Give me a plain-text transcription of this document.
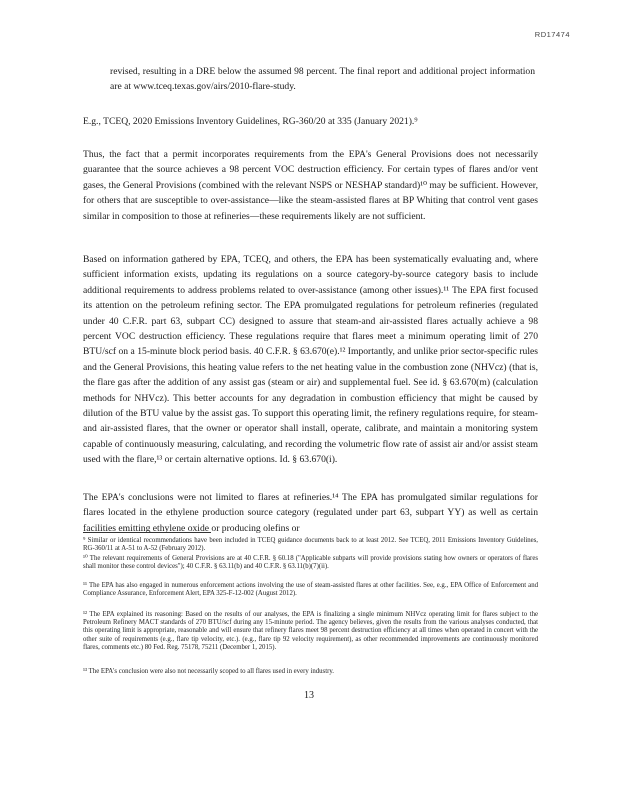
RD17474
revised, resulting in a DRE below the assumed 98 percent. The final report and additional project information are at www.tceq.texas.gov/airs/2010-flare-study.
E.g., TCEQ, 2020 Emissions Inventory Guidelines, RG-360/20 at 335 (January 2021).⁹
Thus, the fact that a permit incorporates requirements from the EPA's General Provisions does not necessarily guarantee that the source achieves a 98 percent VOC destruction efficiency. For certain types of flares and/or vent gases, the General Provisions (combined with the relevant NSPS or NESHAP standard)¹⁰ may be sufficient. However, for others that are susceptible to over-assistance—like the steam-assisted flares at BP Whiting that control vent gases similar in composition to those at refineries—these requirements likely are not sufficient.
Based on information gathered by EPA, TCEQ, and others, the EPA has been systematically evaluating and, where sufficient information exists, updating its regulations on a source category-by-source category basis to include additional requirements to address problems related to over-assistance (among other issues).¹¹ The EPA first focused its attention on the petroleum refining sector. The EPA promulgated regulations for petroleum refineries (regulated under 40 C.F.R. part 63, subpart CC) designed to assure that steam-and air-assisted flares actually achieve a 98 percent VOC destruction efficiency. These regulations require that flares meet a minimum operating limit of 270 BTU/scf on a 15-minute block period basis. 40 C.F.R. § 63.670(e).¹² Importantly, and unlike prior sector-specific rules and the General Provisions, this heating value refers to the net heating value in the combustion zone (NHVcz) (that is, the flare gas after the addition of any assist gas (steam or air) and supplemental fuel. See id. § 63.670(m) (calculation methods for NHVcz). This better accounts for any degradation in combustion efficiency that might be caused by dilution of the BTU value by the assist gas. To support this operating limit, the refinery regulations require, for steam-and air-assisted flares, that the owner or operator shall install, operate, calibrate, and maintain a monitoring system capable of continuously measuring, calculating, and recording the volumetric flow rate of assist air and/or assist steam used with the flare,¹³ or certain alternative options. Id. § 63.670(i).
The EPA's conclusions were not limited to flares at refineries.¹⁴ The EPA has promulgated similar regulations for flares located in the ethylene production source category (regulated under part 63, subpart YY) as well as certain facilities emitting ethylene oxide or producing olefins or
⁹ Similar or identical recommendations have been included in TCEQ guidance documents back to at least 2012. See TCEQ, 2011 Emissions Inventory Guidelines, RG-360/11 at A-51 to A-52 (February 2012).
¹⁰ The relevant requirements of General Provisions are at 40 C.F.R. § 60.18 ("Applicable subparts will provide provisions stating how owners or operators of flares shall monitor these control devices"); 40 C.F.R. § 63.11(b) and 40 C.F.R. § 63.11(b)(7)(ii).
¹¹ The EPA has also engaged in numerous enforcement actions involving the use of steam-assisted flares at other facilities. See, e.g., EPA Office of Enforcement and Compliance Assurance, Enforcement Alert, EPA 325-F-12-002 (August 2012).
¹² The EPA explained its reasoning: Based on the results of our analyses, the EPA is finalizing a single minimum NHVcz operating limit for flares subject to the Petroleum Refinery MACT standards of 270 BTU/scf during any 15-minute period. The agency believes, given the results from the various analyses conducted, that this operating limit is appropriate, reasonable and will ensure that refinery flares meet 98 percent destruction efficiency at all times when operated in concert with the other suite of requirements (e.g., flare tip velocity, etc.). (e.g., flare tip 92 velocity requirement), as other recommended improvements are continuously monitored flares, comments etc.) 80 Fed. Reg. 75178, 75211 (December 1, 2015).
¹³ The EPA's conclusion were also not necessarily scoped to all flares used in every industry.
13
